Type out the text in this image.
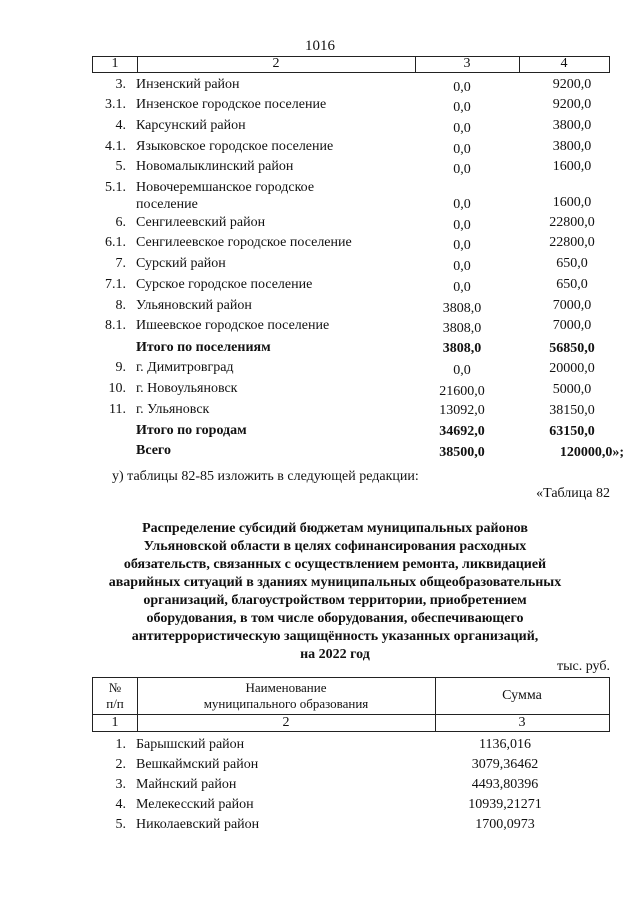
1016
1	2	3	4
3. Инзенский район	0,0	9200,0
3.1. Инзенское городское поселение	0,0	9200,0
4. Карсунский район	0,0	3800,0
4.1. Языковское городское поселение	0,0	3800,0
5. Новомалыклинский район	0,0	1600,0
5.1. Новочеремшанское городское
поселение	0,0	1600,0
6. Сенгилеевский район	0,0	22800,0
6.1. Сенгилеевское городское поселение	0,0	22800,0
7. Сурский район	0,0	650,0
7.1. Сурское городское поселение	0,0	650,0
8. Ульяновский район	3808,0	7000,0
8.1. Ишеевское городское поселение	3808,0	7000,0
Итого по поселениям	3808,0	56850,0
9. г. Димитровград	0,0	20000,0
10. г. Новоульяновск	21600,0	5000,0
11. г. Ульяновск	13092,0	38150,0
Итого по городам	34692,0	63150,0
Всего	38500,0	120000,0»;
у) таблицы 82-85 изложить в следующей редакции:
«Таблица 82
Распределение субсидий бюджетам муниципальных районов
Ульяновской области в целях софинансирования расходных
обязательств, связанных с осуществлением ремонта, ликвидацией
аварийных ситуаций в зданиях муниципальных общеобразовательных
организаций, благоустройством территории, приобретением
оборудования, в том числе оборудования, обеспечивающего
антитеррористическую защищённость указанных организаций,
на 2022 год
тыс. руб.
№
п/п
Наименование
муниципального образования
Сумма
1	2	3
1. Барышский район	1136,016
2. Вешкаймский район	3079,36462
3. Майнский район	4493,80396
4. Мелекесский район	10939,21271
5. Николаевский район	1700,0973
